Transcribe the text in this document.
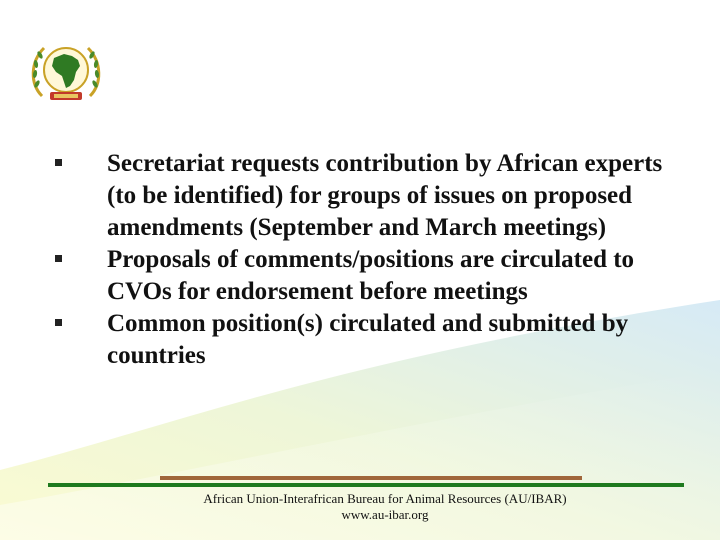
Secretariat requests contribution by African experts (to be identified) for groups of issues on proposed amendments (September and March meetings)
Proposals of comments/positions are circulated to CVOs for endorsement before meetings
Common position(s) circulated and submitted by countries
African Union-Interafrican Bureau for Animal Resources (AU/IBAR)
www.au-ibar.org
